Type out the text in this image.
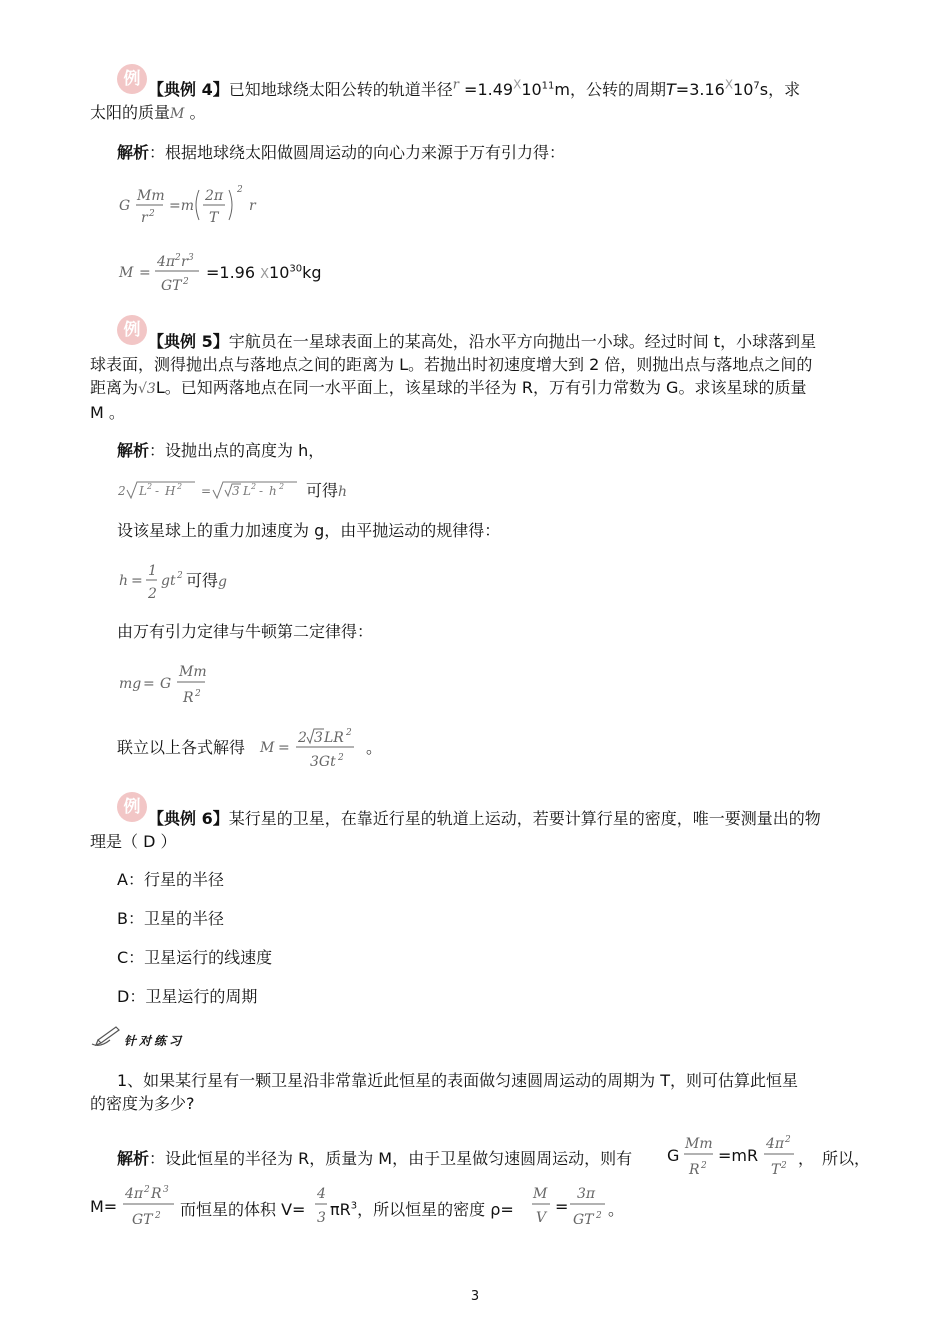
例
【典例 4】已知地球绕太阳公转的轨道半径$^r =1.49^X10^{11}m$，公转的周期$T=3.16^X10^7s$，求
太阳的质量M 。
解析：根据地球绕太阳做圆周运动的向心力来源于万有引力得：
G
Mm
r 2 =m
2π
T
2
r
M =
4π 2 r 3
GT 2 =1.96 $X10^{30}kg$
例
【典例 5】宇航员在一星球表面上的某高处，沿水平方向抛出一小球。经过时间 t，小球落到星
球表面，测得抛出点与落地点之间的距离为 L。若抛出时初速度增大到 2 倍，则抛出点与落地点之间的
距离为√3L。已知两落地点在同一水平面上，该星球的半径为 R，万有引力常数为 G。求该星球的质量
M 。
解析：设抛出点的高度为 h，
2 L 2 - H 2 = 3 L 2 - h 2 可得h
设该星球上的重力加速度为 g，由平抛运动的规律得：
h =
1
2
gt 2 可得g
由万有引力定律与牛顿第二定律得：
mg = G
Mm
R 2
联立以上各式解得 M =
2 3 LR 2
3Gt 2
。
例
【典例 6】某行星的卫星，在靠近行星的轨道上运动，若要计算行星的密度，唯一要测量出的物
理是（ D ）
A：行星的半径
B：卫星的半径
C：卫星运行的线速度
D：卫星运行的周期
针对练习
1、如果某行星有一颗卫星沿非常靠近此恒星的表面做匀速圆周运动的周期为 T，则可估算此恒星
的密度为多少?
解析：设此恒星的半径为 R，质量为 M，由于卫星做匀速圆周运动，则有 G
Mm
R 2
=mR
4π 2
T 2 ，　所以，
M=
4π 2 R 3
GT 2 而恒星的体积 V=
4
3 $\pi R^3$，所以恒星的密度 ρ=
M
V
=
3π
GT 2 。
3
